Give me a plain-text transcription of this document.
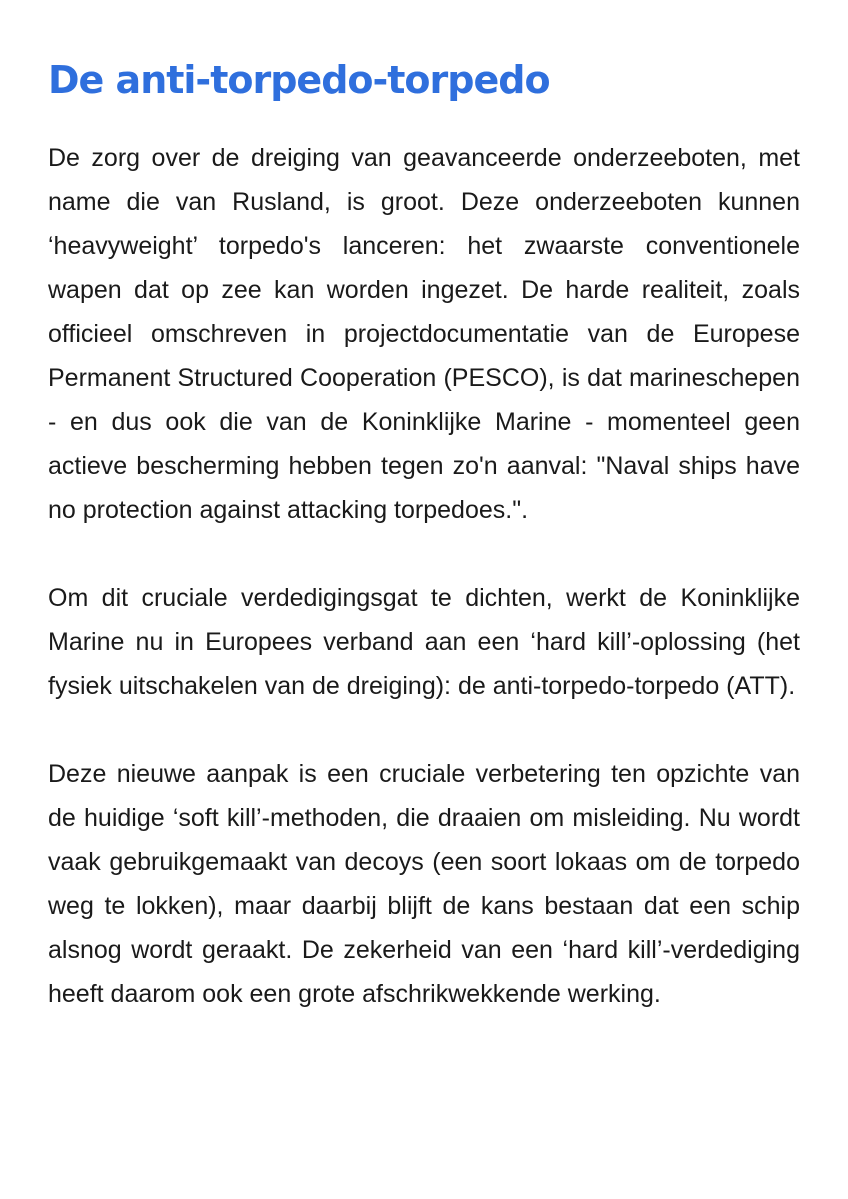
De anti-torpedo-torpedo

De zorg over de dreiging van geavanceerde onderzeeboten, met name die van Rusland, is groot. Deze onderzeeboten kunnen ‘heavyweight’ torpedo's lanceren: het zwaarste conventionele wapen dat op zee kan worden ingezet. De harde realiteit, zoals officieel omschreven in projectdocumentatie van de Europese Permanent Structured Cooperation (PESCO), is dat marineschepen - en dus ook die van de Koninklijke Marine - momenteel geen actieve bescherming hebben tegen zo'n aanval: "Naval ships have no protection against attacking torpedoes.".

Om dit cruciale verdedigingsgat te dichten, werkt de Koninklijke Marine nu in Europees verband aan een ‘hard kill’-oplossing (het fysiek uitschakelen van de dreiging): de anti-torpedo-torpedo (ATT).

Deze nieuwe aanpak is een cruciale verbetering ten opzichte van de huidige ‘soft kill’-methoden, die draaien om misleiding. Nu wordt vaak gebruikgemaakt van decoys (een soort lokaas om de torpedo weg te lokken), maar daarbij blijft de kans bestaan dat een schip alsnog wordt geraakt. De zekerheid van een ‘hard kill’-verdediging heeft daarom ook een grote afschrikwekkende werking.
